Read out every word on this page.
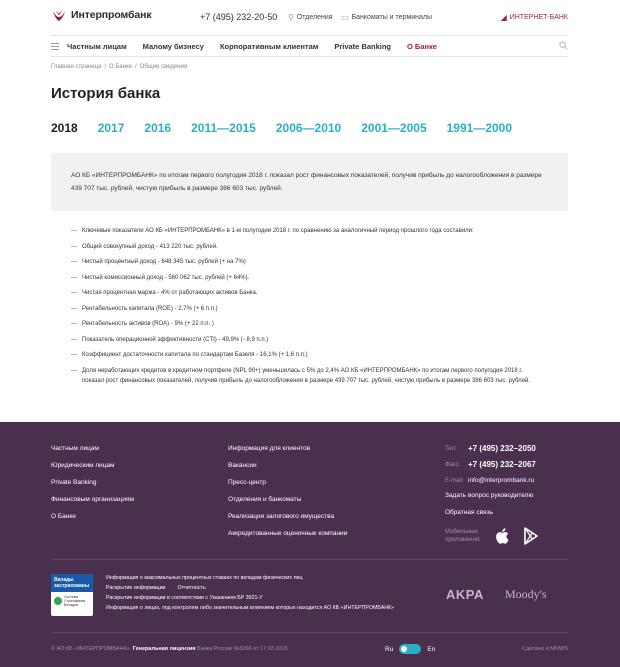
Интерпромбанк	+7 (495) 232-20-50 ⚲ Отделения ▭ Банкоматы и терминалы	◢ ИНТЕРНЕТ-БАНК
Частным лицам Малому бизнесу Корпоративным клиентам Private Banking О Банке
Главная страница / О Банке / Общие сведения
История банка
2018 2017 2016 2011—2015 2006—2010 2001—2005 1991—2000
АО КБ «ИНТЕРПРОМБАНК» по итогам первого полугодия 2018 г. показал рост финансовых показателей, получив прибыль до налогообложения в размере 439 707 тыс. рублей, чистую прибыль в размере 386 603 тыс. рублей.
— Ключевые показатели АО КБ «ИНТЕРПРОМБАНК» в 1-м полугодии 2018 г. по сравнению за аналогичный период прошлого года составили:
— Общий совокупный доход - 413 220 тыс. рублей.
— Чистый процентный доход - 648 345 тыс. рублей (+ на 7%)
— Чистый комиссионный доход - 560 062 тыс. рублей (+ 64%).
— Чистая процентная маржа - 4% от работающих активов Банка.
— Рентабельность капитала (ROE) - 2,7% (+ 6 п.п.)
— Рентабельность активов (ROA) - 9% (+ 22 п.п. )
— Показатель операционной эффективности (CTI) - 49,9% (- 8,9 п.п.)
— Коэффициент достаточности капитала по стандартам Базеля - 16,1% (+ 1,6 п.п.)
— Доля неработающих кредитов в кредитном портфеле (NPL 90+) уменьшилась с 5% до 2,4% АО КБ «ИНТЕРПРОМБАНК» по итогам первого полугодия 2018 г. показал рост финансовых показателей, получив прибыль до налогообложения в размере 439 707 тыс. рублей, чистую прибыль в размере 386 603 тыс. рублей.
Частным лицам
Юридическим лицам
Private Banking
Финансовым организациям
О Банке
Информация для клиентов
Вакансии
Пресс-центр
Отделения и банкоматы
Реализация залогового имущества
Аккредитованные оценочные компании
Тел:	+7 (495) 232–2050
Факс: +7 (495) 232–2067
E-mail: info@interprombank.ru
Задать вопрос руководителю
Обратная связь
Мобильные приложения:
Вклады застрахованы
Система Страхования Вкладов
Информация о максимальных процентных ставках по вкладам физических лиц
Раскрытие информации Отчетность
Раскрытие информации в соответствии с Указанием БР 3921-У
Информация о лицах, под контролем либо значительным влиянием которых находится АО КБ «ИНТЕРПРОМБАНК»
AKPA Moody's
© АО КБ «ИНТЕРПРОМБАНК». Генеральная лицензия Банка России №3266 от 17.03.2015	Ru	En	Сделано в MNWS
